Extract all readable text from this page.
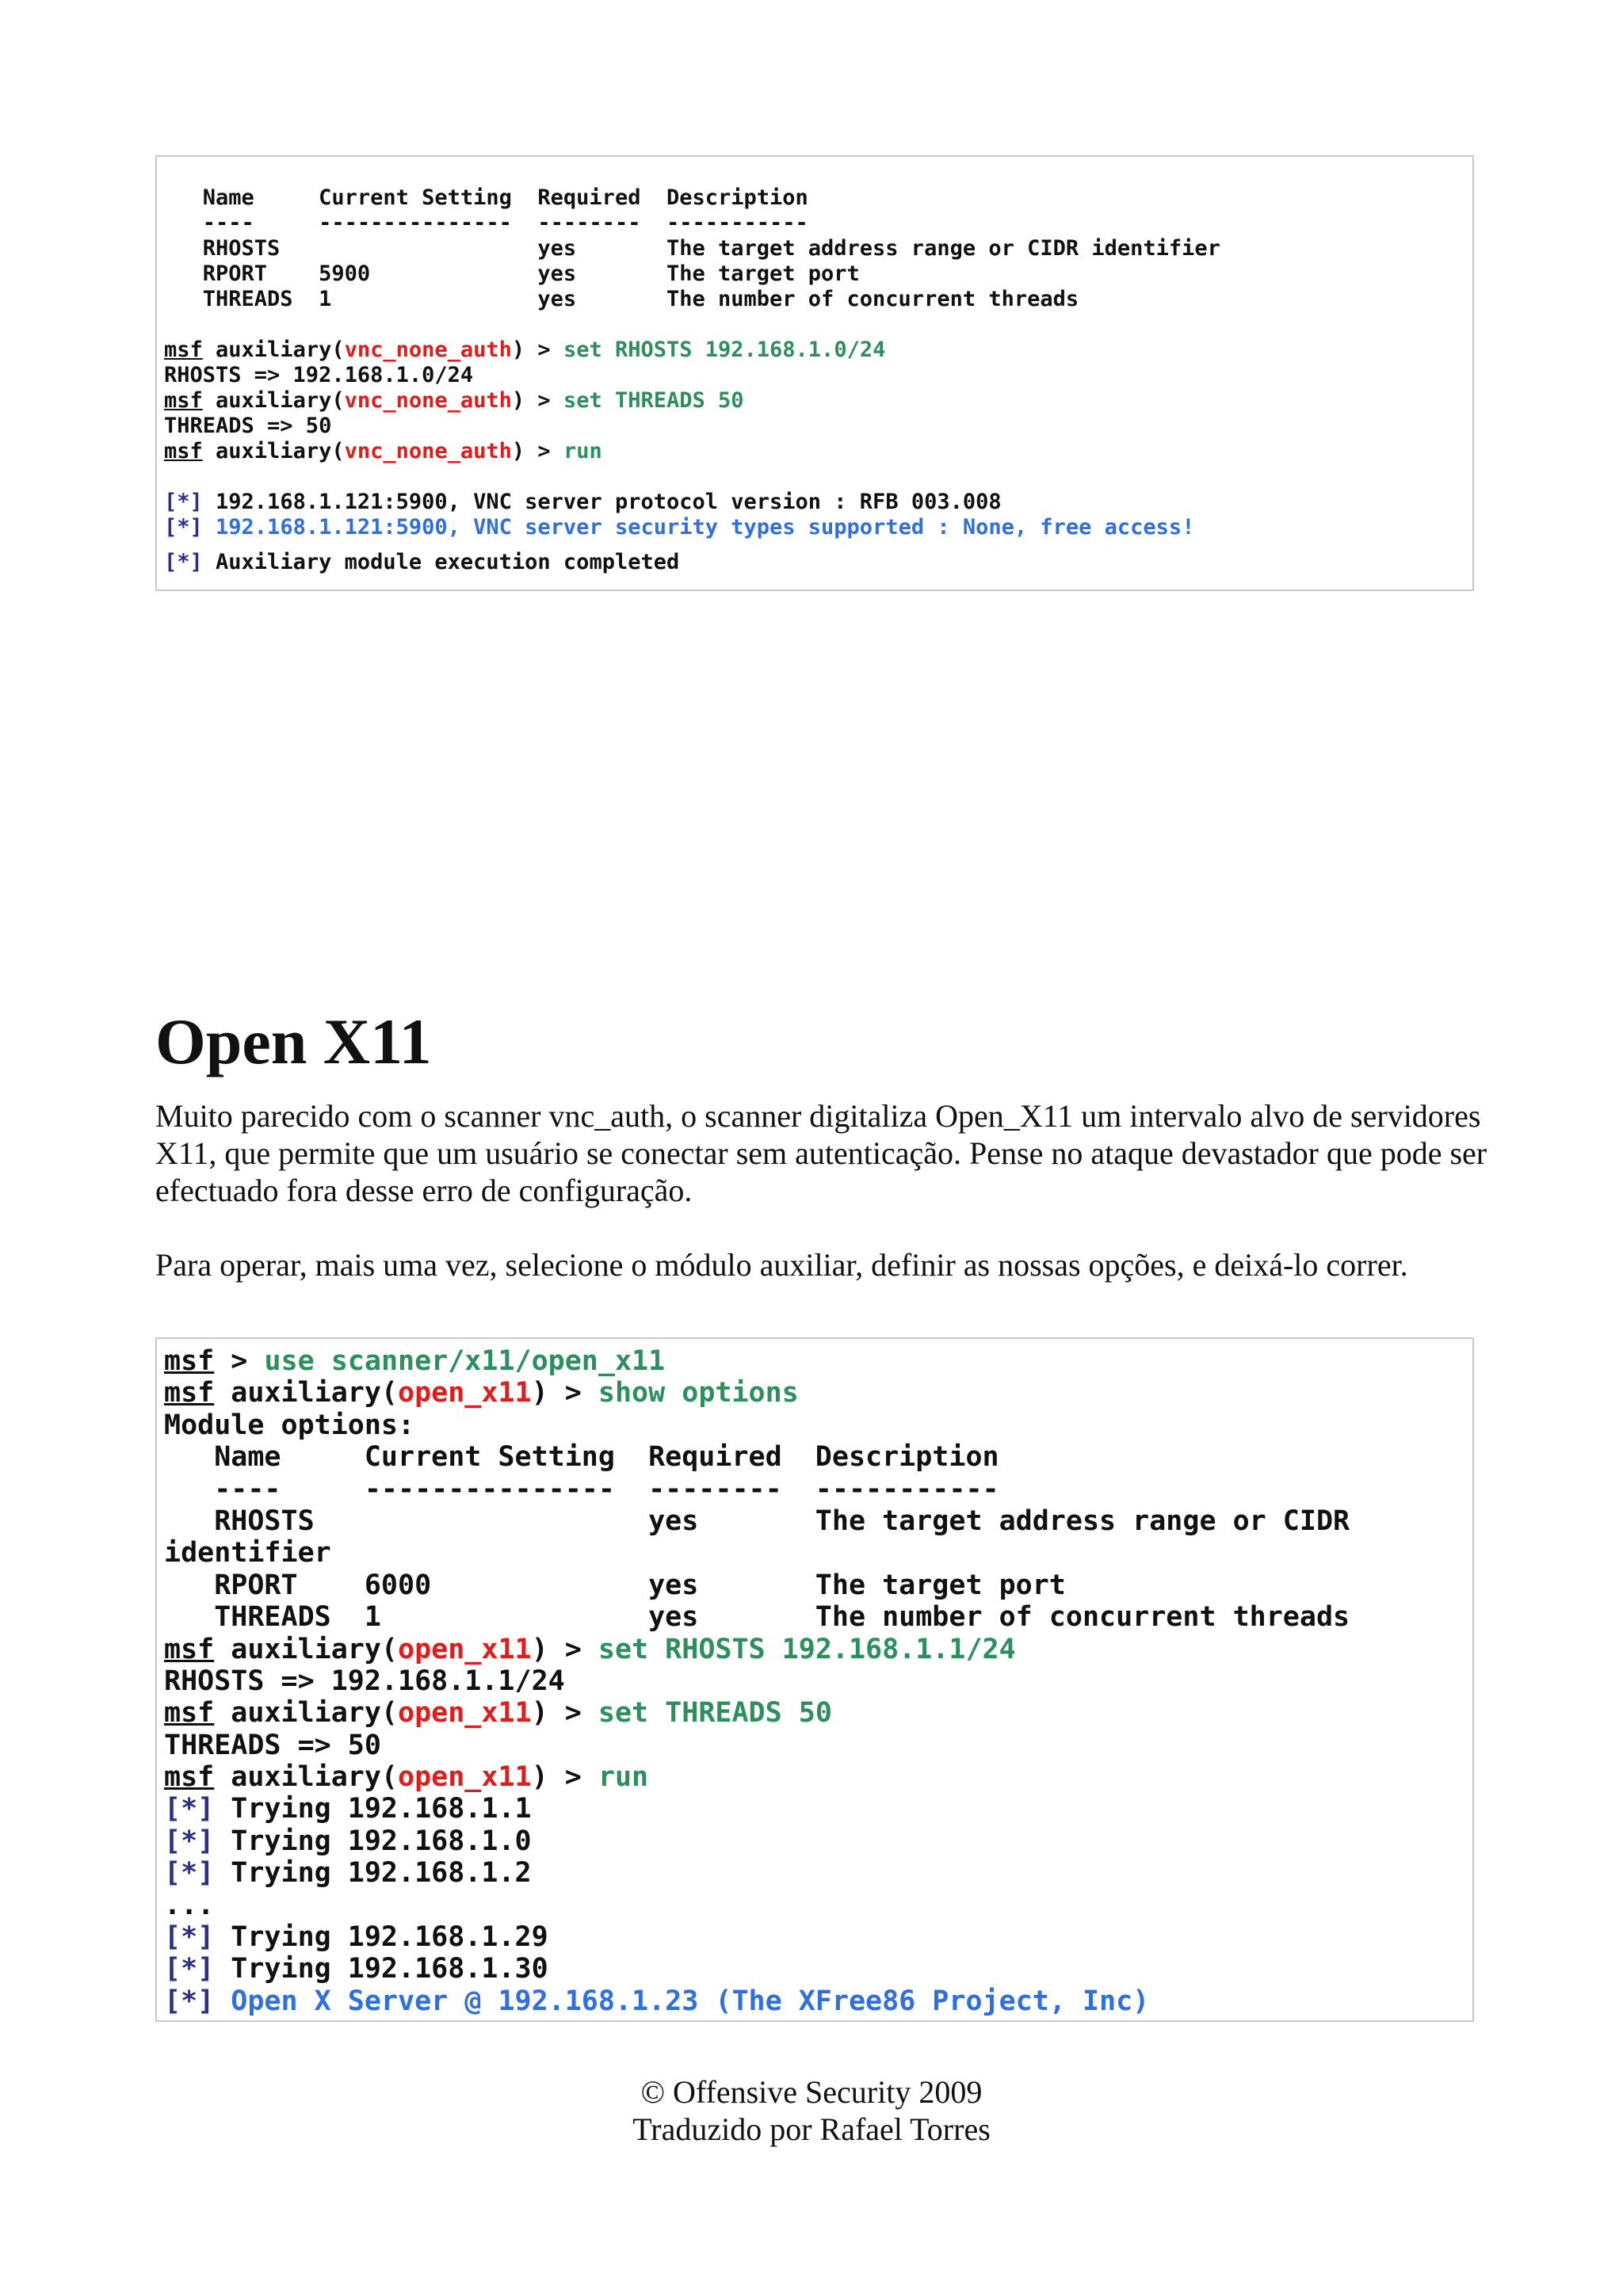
Name     Current Setting  Required  Description
----     ---------------  --------  -----------
RHOSTS                    yes       The target address range or CIDR identifier
RPORT    5900             yes       The target port
THREADS  1                yes       The number of concurrent threads
msf auxiliary(vnc_none_auth) > set RHOSTS 192.168.1.0/24
RHOSTS => 192.168.1.0/24
msf auxiliary(vnc_none_auth) > set THREADS 50
THREADS => 50
msf auxiliary(vnc_none_auth) > run
[*] 192.168.1.121:5900, VNC server protocol version : RFB 003.008
[*] 192.168.1.121:5900, VNC server security types supported : None, free access!
[*] Auxiliary module execution completed
Open X11

Muito parecido com o scanner vnc_auth, o scanner digitaliza Open_X11 um intervalo alvo de servidores X11, que permite que um usuário se conectar sem autenticação. Pense no ataque devastador que pode ser efectuado fora desse erro de configuração.

Para operar, mais uma vez, selecione o módulo auxiliar, definir as nossas opções, e deixá-lo correr.

msf > use scanner/x11/open_x11
msf auxiliary(open_x11) > show options
Module options:
Name     Current Setting  Required  Description
----     ---------------  --------  -----------
RHOSTS                    yes       The target address range or CIDR
identifier
RPORT    6000             yes       The target port
THREADS  1                yes       The number of concurrent threads
msf auxiliary(open_x11) > set RHOSTS 192.168.1.1/24
RHOSTS => 192.168.1.1/24
msf auxiliary(open_x11) > set THREADS 50
THREADS => 50
msf auxiliary(open_x11) > run
[*] Trying 192.168.1.1
[*] Trying 192.168.1.0
[*] Trying 192.168.1.2
...
[*] Trying 192.168.1.29
[*] Trying 192.168.1.30
[*] Open X Server @ 192.168.1.23 (The XFree86 Project, Inc)
© Offensive Security 2009
Traduzido por Rafael Torres
